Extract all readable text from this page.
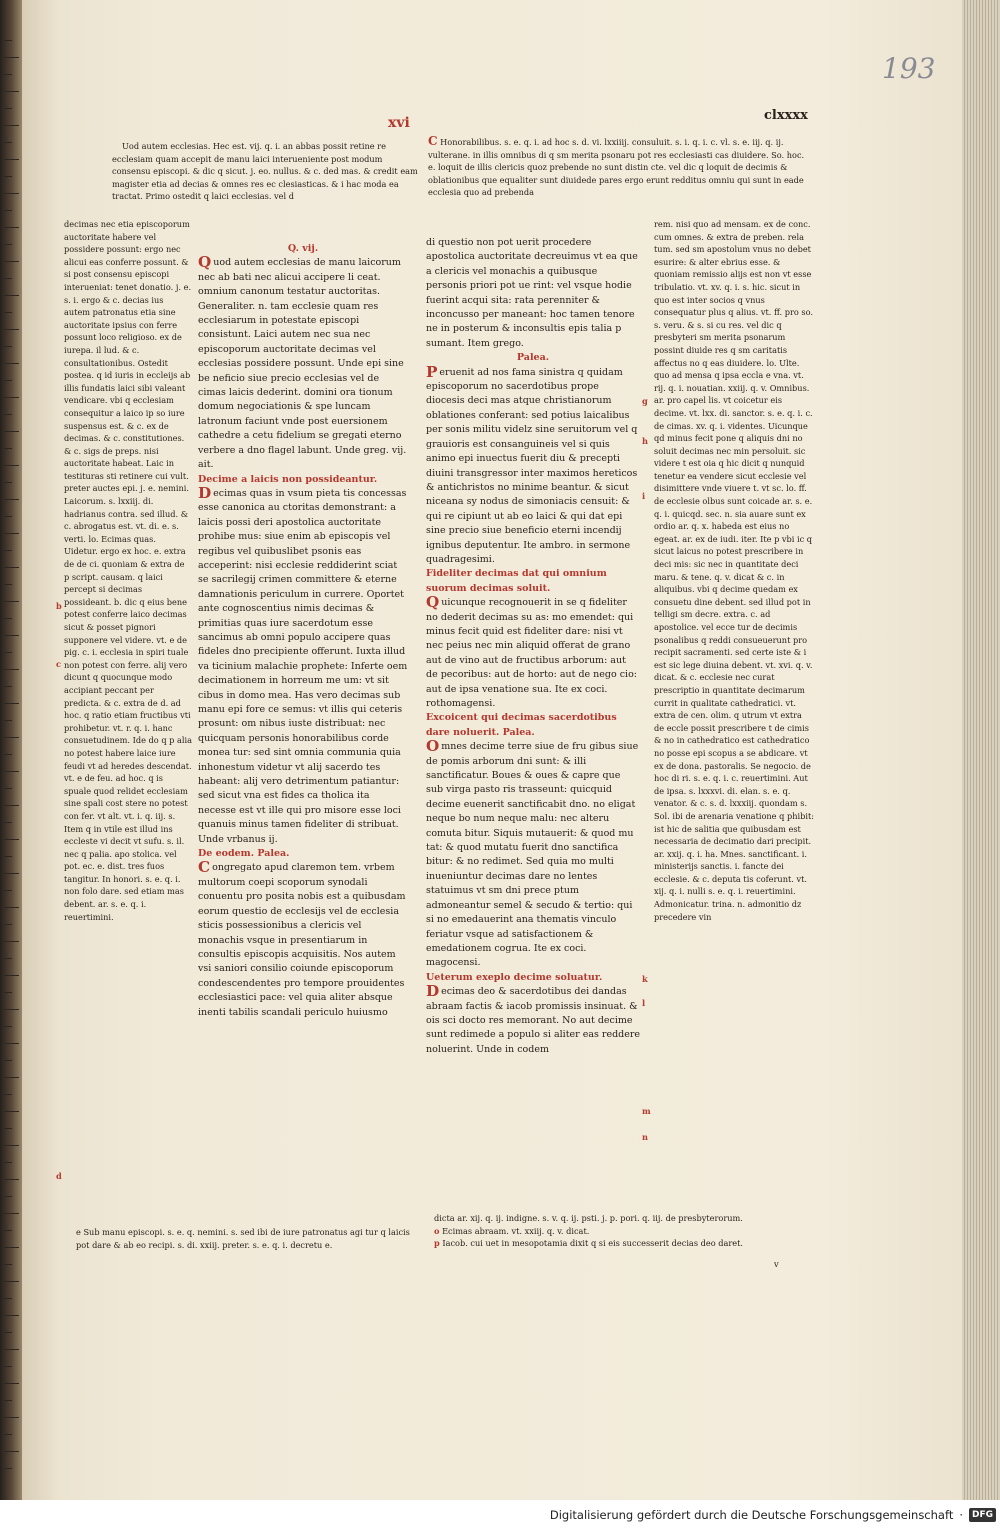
193
xvi	clxxxx

Uod autem ecclesias. Hec est. vij. q. i. an abbas possit retine re ecclesiam quam accepit de manu laici interueniente post modum consensu episcopi. & dic q sicut. j. eo. nullus. & c. ded mas. & credit eam magister etia ad decias & omnes res ec clesiasticas. & i hac moda ea tractat. Primo ostedit q laici ecclesias. vel d

C Honorabilibus. s. e. q. i. ad hoc s. d. vi. lxxiiij. consuluit. s. i. q. i. c. vl. s. e. iij. q. ij. vulterane. in illis omnibus di q sm merita psonaru pot res ecclesiasti cas diuidere. So. hoc. e. loquit de illis clericis quoz prebende no sunt distin cte. vel dic q loquit de decimis & oblationibus que equaliter sunt diuidede pares ergo erunt redditus omniu qui sunt in eade ecclesia quo ad prebenda

decimas nec etia episcoporum auctoritate habere vel possidere possunt: ergo nec alicui eas conferre possunt. & si post consensu episcopi interueniat: tenet donatio. j. e. s. i. ergo & c. decias ius autem patronatus etia sine auctoritate ipsius con ferre possunt loco religioso. ex de iurepa. il lud. & c. consultationibus. Ostedit postea. q id iuris in eccleijs ab illis fundatis laici sibi valeant vendicare. vbi q ecclesiam consequitur a laico ip so iure suspensus est. & c. ex de decimas. & c. constitutiones. & c. sigs de preps. nisi auctoritate habeat. Laic in testituras sti retinere cui vult. preter auctes epi. j. e. nemini. Laicorum. s. lxxiij. di. hadrianus contra. sed illud. & c. abrogatus est. vt. di. e. s. verti. lo. Ecimas quas. Uidetur. ergo ex hoc. e. extra de de ci. quoniam & extra de p script. causam. q laici percept si decimas possideant. b. dic q eius bene potest conferre laico decimas sicut & posset pignori supponere vel videre. vt. e de pig. c. i. ecclesia in spiri tuale non potest con ferre. alij vero dicunt q quocunque modo accipiant peccant per predicta. & c. extra de d. ad hoc. q ratio etiam fructibus vti prohibetur. vt. r. q. i. hanc consuetudinem. Ide do q p alia no potest habere laice iure feudi vt ad heredes descendat. vt. e de feu. ad hoc. q is spuale quod relidet ecclesiam sine spali cost stere no potest con fer. vt alt. vt. i. q. iij. s. Item q in vtile est illud ins eccleste vi decit vt sufu. s. il. nec q palia. apo stolica. vel pot. ec. e. dist. tres fuos tangitur. In honori. s. e. q. i. non folo dare. sed etiam mas debent. ar. s. e. q. i. reuertimini.

Q. vij.

Quod autem ecclesias de manu laicorum nec ab bati nec alicui accipere li ceat. omnium canonum testatur auctoritas. Generaliter. n. tam ecclesie quam res ecclesiarum in potestate episcopi consistunt. Laici autem nec sua nec episcoporum auctoritate decimas vel ecclesias possidere possunt. Unde epi sine be neficio siue precio ecclesias vel de cimas laicis dederint. domini ora tionum domum negociationis & spe luncam latronum faciunt vnde post euersionem cathedre a cetu fidelium se gregati eterno verbere a dno flagel labunt. Unde greg. vij. ait.

Decime a laicis non possideantur.

Decimas quas in vsum pieta tis concessas esse canonica au ctoritas demonstrant: a laicis possi deri apostolica auctoritate prohibe mus: siue enim ab episcopis vel regibus vel quibuslibet psonis eas acceperint: nisi ecclesie reddiderint sciat se sacrilegij crimen committere & eterne damnationis periculum in currere. Oportet ante cognoscentius nimis decimas & primitias quas iure sacerdotum esse sancimus ab omni populo accipere quas fideles dno precipiente offerunt. Iuxta illud va ticinium malachie prophete: Inferte oem decimationem in horreum me um: vt sit cibus in domo mea. Has vero decimas sub manu epi fore ce semus: vt illis qui ceteris prosunt: om nibus iuste distribuat: nec quicquam personis honorabilibus corde monea tur: sed sint omnia communia quia inhonestum videtur vt alij sacerdo tes habeant: alij vero detrimentum patiantur: sed sicut vna est fides ca tholica ita necesse est vt ille qui pro misore esse loci quanuis minus tamen fideliter di stribuat. Unde vrbanus ij.

De eodem. Palea.

Congregato apud claremon tem. vrbem multorum coepi scoporum synodali conuentu pro posita nobis est a quibusdam eorum questio de ecclesijs vel de ecclesia sticis possessionibus a clericis vel monachis vsque in presentiarum in consultis episcopis acquisitis. Nos autem vsi saniori consilio coiunde episcoporum condescendentes pro tempore prouidentes ecclesiastici pace: vel quia aliter absque inenti tabilis scandali periculo huiusmo

di questio non pot uerit procedere apostolica auctoritate decreuimus vt ea que a clericis vel monachis a quibusque personis priori pot ue rint: vel vsque hodie fuerint acqui sita: rata perenniter & inconcusso per maneant: hoc tamen tenore ne in posterum & inconsultis epis talia p sumant. Item grego.

Palea.

Peruenit ad nos fama sinistra q quidam episcoporum no sacerdotibus prope diocesis deci mas atque christianorum oblationes conferant: sed potius laicalibus per sonis militu videlz sine seruitorum vel q grauioris est consanguineis vel si quis animo epi inuectus fuerit diu & precepti diuini transgressor inter maximos hereticos & antichristos no minime beantur. & sicut niceana sy nodus de simoniacis censuit: & qui re cipiunt ut ab eo laici & qui dat epi sine precio siue beneficio eterni incendij ignibus deputentur. Ite ambro. in sermone quadragesimi.

Fideliter decimas dat qui omnium suorum decimas soluit.

Quicunque recognouerit in se q fideliter no dederit decimas su as: mo emendet: qui minus fecit quid est fideliter dare: nisi vt nec peius nec min aliquid offerat de grano aut de vino aut de fructibus arborum: aut de pecoribus: aut de horto: aut de nego cio: aut de ipsa venatione sua. Ite ex coci. rothomagensi.

Excoicent qui decimas sacerdotibus dare noluerit. Palea.

Omnes decime terre siue de fru gibus siue de pomis arborum dni sunt: & illi sanctificatur. Boues & oues & capre que sub virga pasto ris trasseunt: quicquid decime euenerit sanctificabit dno. no eligat neque bo num neque malu: nec alteru comuta bitur. Siquis mutauerit: & quod mu tat: & quod mutatu fuerit dno sanctifica bitur: & no redimet. Sed quia mo multi inueniuntur decimas dare no lentes statuimus vt sm dni prece ptum admoneantur semel & secudo & tertio: qui si no emedauerint ana thematis vinculo feriatur vsque ad satisfactionem & emedationem cogrua. Ite ex coci. magocensi.

Ueterum exeplo decime soluatur.

Decimas deo & sacerdotibus dei dandas abraam factis & iacob promissis insinuat. & ois sci docto res memorant. No aut decime sunt redimede a populo si aliter eas reddere noluerint. Unde in codem

rem. nisi quo ad mensam. ex de conc. cum omnes. & extra de preben. rela tum. sed sm apostolum vnus no debet esurire: & alter ebrius esse. & quoniam remissio alijs est non vt esse tribulatio. vt. xv. q. i. s. hic. sicut in quo est inter socios q vnus consequatur plus q alius. vt. ff. pro so. s. veru. & s. si cu res. vel dic q presbyteri sm merita psonarum possint diuide res q sm caritatis affectus no q eas diuidere. lo. Ulte. quo ad mensa q ipsa eccla e vna. vt. rij. q. i. nouatian. xxiij. q. v. Omnibus. ar. pro capel lis. vt coicetur eis decime. vt. lxx. di. sanctor. s. e. q. i. c. de cimas. xv. q. i. videntes. Uicunque qd minus fecit pone q aliquis dni no soluit decimas nec min persoluit. sic videre t est oia q hic dicit q nunquid tenetur ea vendere sicut ecclesie vel disimittere vnde viuere t. vt sc. lo. ff. de ecclesie olbus sunt coicade ar. s. e. q. i. quicqd. sec. n. sia auare sunt ex ordio ar. q. x. habeda est eius no egeat. ar. ex de iudi. iter. Ite p vbi ic q sicut laicus no potest prescribere in deci mis: sic nec in quantitate deci maru. & tene. q. v. dicat & c. in aliquibus. vbi q decime quedam ex consuetu dine debent. sed illud pot in telligi sm decre. extra. c. ad apostolice. vel ecce tur de decimis psonalibus q reddi consueuerunt pro recipit sacramenti. sed certe iste & i est sic lege diuina debent. vt. xvi. q. v. dicat. & c. ecclesie nec curat prescriptio in quantitate decimarum currit in qualitate cathedratici. vt. extra de cen. olim. q utrum vt extra de eccle possit prescribere t de cimis & no in cathedratico est cathedratico no posse epi scopus a se abdicare. vt ex de dona. pastoralis. Se negocio. de hoc di ri. s. e. q. i. c. reuertimini. Aut de ipsa. s. lxxxvi. di. elan. s. e. q. venator. & c. s. d. lxxxiij. quondam s. Sol. ibi de arenaria venatione q phibit: ist hic de salitia que quibusdam est necessaria de decimatio dari precipit. ar. xxij. q. i. ha. Mnes. sanctificant. i. ministerijs sanctis. i. fancte dei ecclesie. & c. deputa tis coferunt. vt. xij. q. i. nulli s. e. q. i. reuertimini. Admonicatur. trina. n. admonitio dz precedere vin

b
c
d
g
h
i
k
l
m
n

e Sub manu episcopi. s. e. q. nemini. s. sed ibi de iure patronatus agi tur q laicis pot dare & ab eo recipi. s. di. xxiij. preter. s. e. q. i. decretu e.

dicta ar. xij. q. ij. indigne. s. v. q. ij. psti. j. p. pori. q. iij. de presbyterorum.

o Ecimas abraam. vt. xxiij. q. v. dicat.

p Iacob. cui uet in mesopotamia dixit q si eis successerit decias deo daret.

v
Digitalisierung gefördert durch die Deutsche Forschungsgemeinschaft ·	DFG
